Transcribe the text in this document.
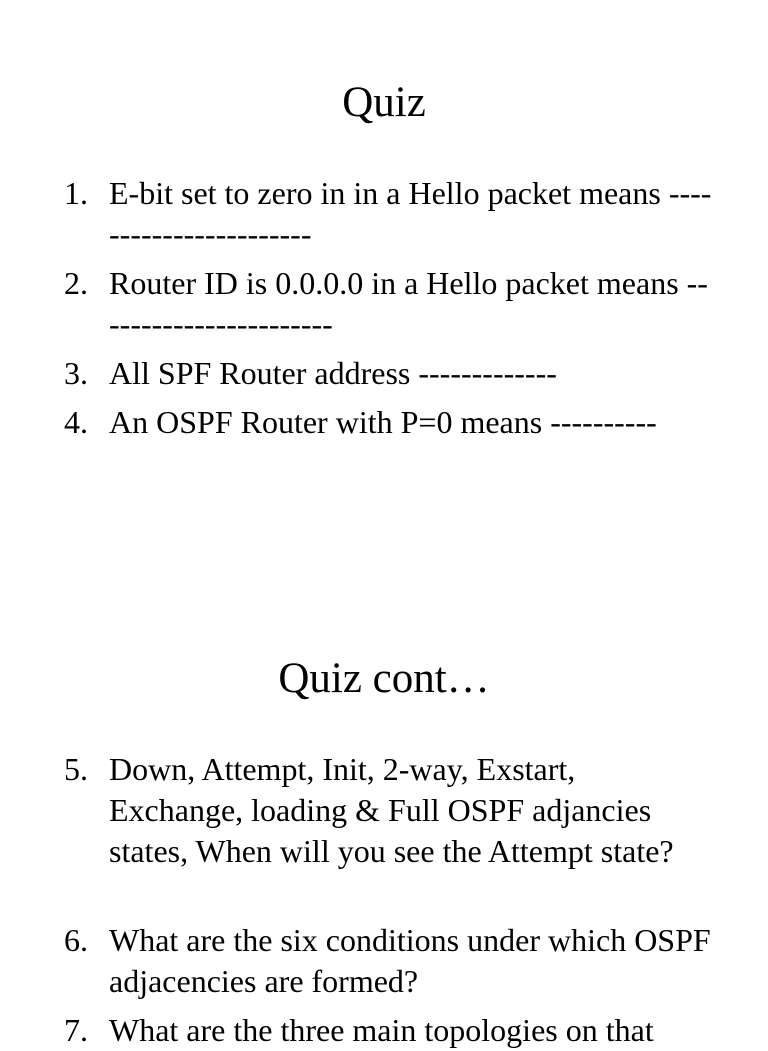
Quiz
1. E-bit set to zero in in a Hello packet means -----------------------
2. Router ID is 0.0.0.0 in a Hello packet means -----------------------
3. All SPF Router address -------------
4. An OSPF Router with P=0 means ----------
Quiz cont…
5. Down, Attempt, Init, 2-way, Exstart, Exchange, loading & Full OSPF adjancies states, When will you see the Attempt state?
6. What are the six conditions under which OSPF adjacencies are formed?
7. What are the three main topologies on that
